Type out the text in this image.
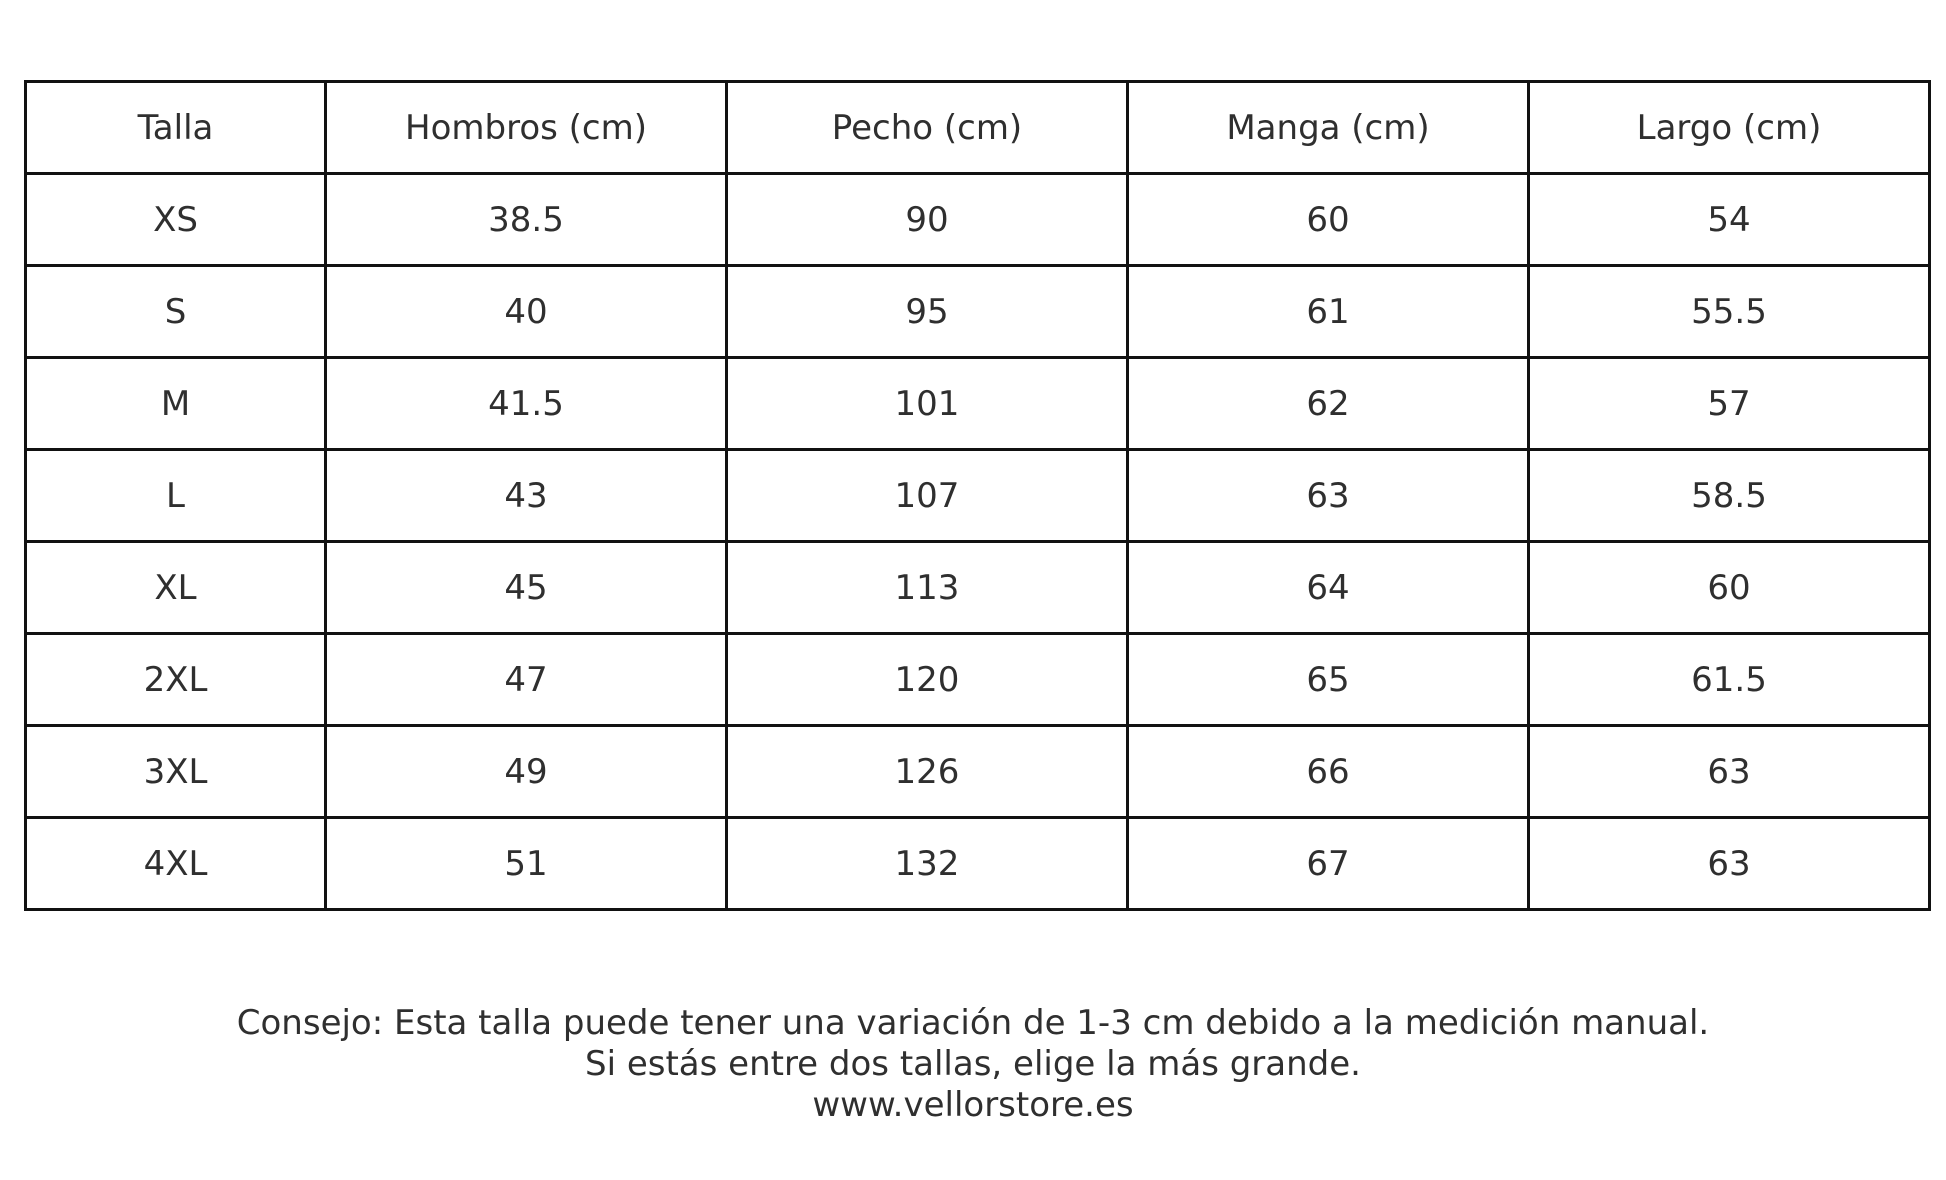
Talla	Hombros (cm)	Pecho (cm)	Manga (cm)	Largo (cm)
XS	38.5	90	60	54
S	40	95	61	55.5
M	41.5	101	62	57
L	43	107	63	58.5
XL	45	113	64	60
2XL	47	120	65	61.5
3XL	49	126	66	63
4XL	51	132	67	63
Consejo: Esta talla puede tener una variación de 1-3 cm debido a la medición manual.
Si estás entre dos tallas, elige la más grande.
www.vellorstore.es
